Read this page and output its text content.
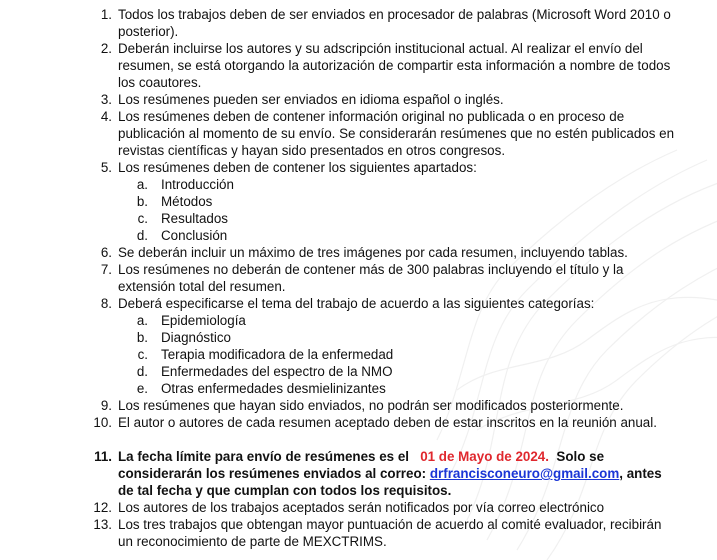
1. Todos los trabajos deben de ser enviados en procesador de palabras (Microsoft Word 2010 o posterior).
2. Deberán incluirse los autores y su adscripción institucional actual. Al realizar el envío del resumen, se está otorgando la autorización de compartir esta información a nombre de todos los coautores.
3. Los resúmenes pueden ser enviados en idioma español o inglés.
4. Los resúmenes deben de contener información original no publicada o en proceso de publicación al momento de su envío. Se considerarán resúmenes que no estén publicados en revistas científicas y hayan sido presentados en otros congresos.
5. Los resúmenes deben de contener los siguientes apartados:
a. Introducción
b. Métodos
c. Resultados
d. Conclusión
6. Se deberán incluir un máximo de tres imágenes por cada resumen, incluyendo tablas.
7. Los resúmenes no deberán de contener más de 300 palabras incluyendo el título y la extensión total del resumen.
8. Deberá especificarse el tema del trabajo de acuerdo a las siguientes categorías:
a. Epidemiología
b. Diagnóstico
c. Terapia modificadora de la enfermedad
d. Enfermedades del espectro de la NMO
e. Otras enfermedades desmielinizantes
9. Los resúmenes que hayan sido enviados, no podrán ser modificados posteriormente.
10. El autor o autores de cada resumen aceptado deben de estar inscritos en la reunión anual.
11. La fecha límite para envío de resúmenes es el 01 de Mayo de 2024. Solo se considerarán los resúmenes enviados al correo: drfrancisconeuro@gmail.com, antes de tal fecha y que cumplan con todos los requisitos.
12. Los autores de los trabajos aceptados serán notificados por vía correo electrónico
13. Los tres trabajos que obtengan mayor puntuación de acuerdo al comité evaluador, recibirán un reconocimiento de parte de MEXCTRIMS.
